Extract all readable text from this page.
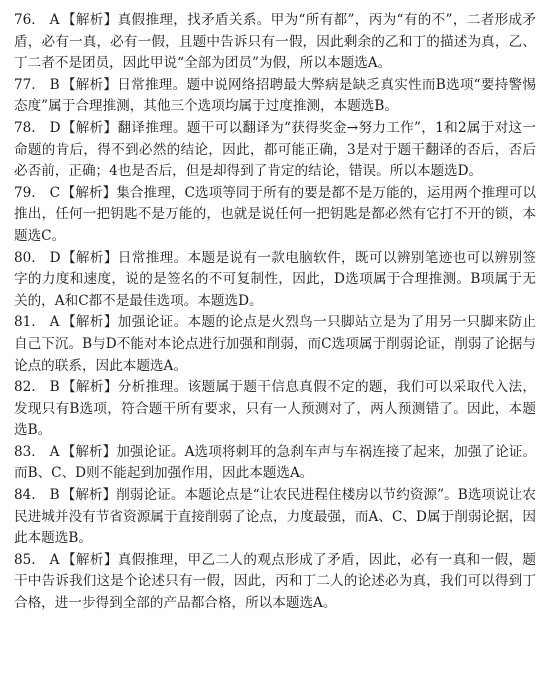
76. A 【解析】真假推理，找矛盾关系。甲为“所有都”，丙为“有的不”，二者形成矛盾，必有一真，必有一假，且题中告诉只有一假，因此剩余的乙和丁的描述为真，乙、丁二者不是团员，因此甲说“全部为团员”为假，所以本题选A。

77. B 【解析】日常推理。题中说网络招聘最大弊病是缺乏真实性而B选项“要持警惕态度”属于合理推测，其他三个选项均属于过度推测，本题选B。

78. D【解析】翻译推理。题干可以翻译为“获得奖金→努力工作”，1和2属于对这一命题的肯后，得不到必然的结论，因此，都可能正确，3是对于题干翻译的否后，否后必否前，正确；4也是否后，但是却得到了肯定的结论，错误。所以本题选D。

79. C 【解析】集合推理，C选项等同于所有的要是都不是万能的，运用两个推理可以推出，任何一把钥匙不是万能的，也就是说任何一把钥匙是都必然有它打不开的锁，本题选C。

80. D【解析】日常推理。本题是说有一款电脑软件，既可以辨别笔迹也可以辨别签字的力度和速度，说的是签名的不可复制性，因此，D选项属于合理推测。B项属于无关的，A和C都不是最佳选项。本题选D。

81. A 【解析】加强论证。本题的论点是火烈鸟一只脚站立是为了用另一只脚来防止自己下沉。B与D不能对本论点进行加强和削弱，而C选项属于削弱论证，削弱了论据与论点的联系，因此本题选A。

82. B 【解析】分析推理。该题属于题干信息真假不定的题，我们可以采取代入法，发现只有B选项，符合题干所有要求，只有一人预测对了，两人预测错了。因此，本题选B。

83. A 【解析】加强论证。A选项将刺耳的急刹车声与车祸连接了起来，加强了论证。而B、C、D则不能起到加强作用，因此本题选A。

84. B 【解析】削弱论证。本题论点是“让农民进程住楼房以节约资源”。B选项说让农民进城并没有节省资源属于直接削弱了论点，力度最强，而A、C、D属于削弱论据，因此本题选B。

85. A 【解析】真假推理，甲乙二人的观点形成了矛盾，因此，必有一真和一假，题干中告诉我们这是个论述只有一假，因此，丙和丁二人的论述必为真，我们可以得到丁合格，进一步得到全部的产品都合格，所以本题选A。
